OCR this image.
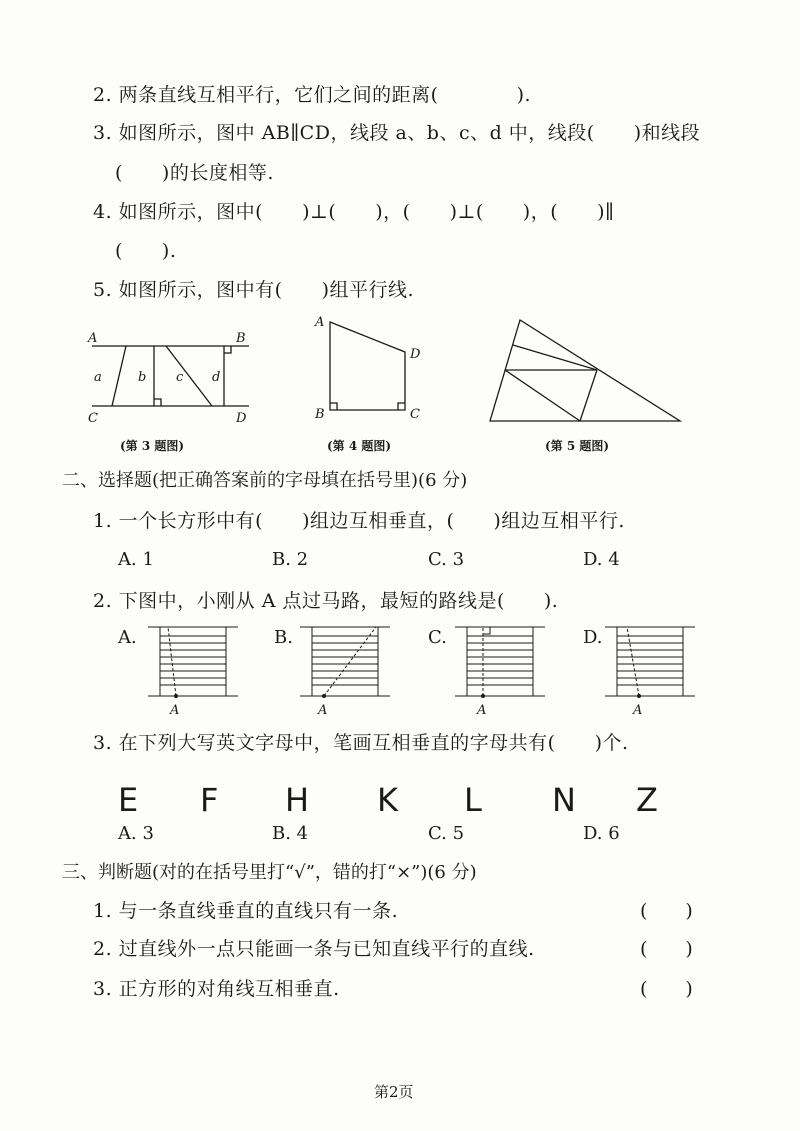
2. 两条直线互相平行，它们之间的距离(　　　　).
3. 如图所示，图中 AB∥CD，线段 a、b、c、d 中，线段(　　)和线段
(　　)的长度相等.
4. 如图所示，图中(　　)⊥(　　)，(　　)⊥(　　)，(　　)∥
(　　).
5. 如图所示，图中有(　　)组平行线.
A	B
C	D
a	b c d
(第 3 题图)
A
D
B	C
(第 4 题图)	(第 5 题图)
二、选择题(把正确答案前的字母填在括号里)(6 分)
1. 一个长方形中有(　　)组边互相垂直，(　　)组边互相平行.
A. 1	B. 2	C. 3	D. 4
2. 下图中，小刚从 A 点过马路，最短的路线是(　　).
A.
A
B.
A
C.
A
D.
A
3. 在下列大写英文字母中，笔画互相垂直的字母共有(　　)个.
E F H K L N Z
A. 3	B. 4	C. 5	D. 6
三、判断题(对的在括号里打“√”，错的打“×”)(6 分)
1. 与一条直线垂直的直线只有一条.	(　　)
2. 过直线外一点只能画一条与已知直线平行的直线.	(　　)
3. 正方形的对角线互相垂直.	(　　)
第2页
